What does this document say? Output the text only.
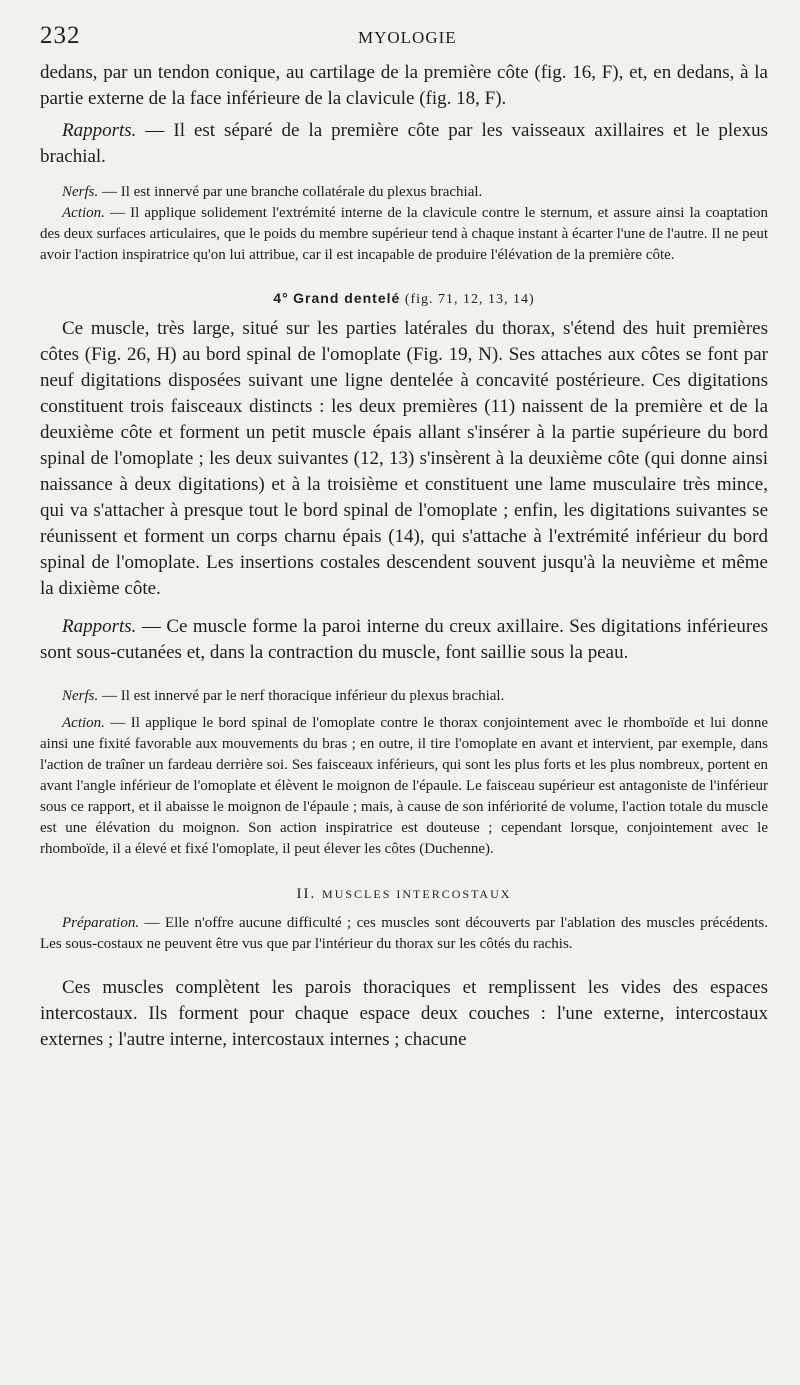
232	MYOLOGIE

dedans, par un tendon conique, au cartilage de la première côte (fig. 16, F), et, en dedans, à la partie externe de la face inférieure de la clavicule (fig. 18, F).

Rapports. — Il est séparé de la première côte par les vaisseaux axillaires et le plexus brachial.

Nerfs. — Il est innervé par une branche collatérale du plexus brachial.

Action. — Il applique solidement l'extrémité interne de la clavicule contre le sternum, et assure ainsi la coaptation des deux surfaces articulaires, que le poids du membre supérieur tend à chaque instant à écarter l'une de l'autre. Il ne peut avoir l'action inspiratrice qu'on lui attribue, car il est incapable de produire l'élévation de la première côte.

4° Grand dentelé (fig. 71, 12, 13, 14)

Ce muscle, très large, situé sur les parties latérales du thorax, s'étend des huit premières côtes (Fig. 26, H) au bord spinal de l'omoplate (Fig. 19, N). Ses attaches aux côtes se font par neuf digitations disposées suivant une ligne dentelée à concavité postérieure. Ces digitations constituent trois faisceaux distincts : les deux premières (11) naissent de la première et de la deuxième côte et forment un petit muscle épais allant s'insérer à la partie supérieure du bord spinal de l'omoplate ; les deux suivantes (12, 13) s'insèrent à la deuxième côte (qui donne ainsi naissance à deux digitations) et à la troisième et constituent une lame musculaire très mince, qui va s'attacher à presque tout le bord spinal de l'omoplate ; enfin, les digitations suivantes se réunissent et forment un corps charnu épais (14), qui s'attache à l'extrémité inférieur du bord spinal de l'omoplate. Les insertions costales descendent souvent jusqu'à la neuvième et même la dixième côte.

Rapports. — Ce muscle forme la paroi interne du creux axillaire. Ses digitations inférieures sont sous-cutanées et, dans la contraction du muscle, font saillie sous la peau.

Nerfs. — Il est innervé par le nerf thoracique inférieur du plexus brachial.

Action. — Il applique le bord spinal de l'omoplate contre le thorax conjointement avec le rhomboïde et lui donne ainsi une fixité favorable aux mouvements du bras ; en outre, il tire l'omoplate en avant et intervient, par exemple, dans l'action de traîner un fardeau derrière soi. Ses faisceaux inférieurs, qui sont les plus forts et les plus nombreux, portent en avant l'angle inférieur de l'omoplate et élèvent le moignon de l'épaule. Le faisceau supérieur est antagoniste de l'inférieur sous ce rapport, et il abaisse le moignon de l'épaule ; mais, à cause de son infériorité de volume, l'action totale du muscle est une élévation du moignon. Son action inspiratrice est douteuse ; cependant lorsque, conjointement avec le rhomboïde, il a élevé et fixé l'omoplate, il peut élever les côtes (Duchenne).

II. MUSCLES INTERCOSTAUX

Préparation. — Elle n'offre aucune difficulté ; ces muscles sont découverts par l'ablation des muscles précédents. Les sous-costaux ne peuvent être vus que par l'intérieur du thorax sur les côtés du rachis.

Ces muscles complètent les parois thoraciques et remplissent les vides des espaces intercostaux. Ils forment pour chaque espace deux couches : l'une externe, intercostaux externes ; l'autre interne, intercostaux internes ; chacune
